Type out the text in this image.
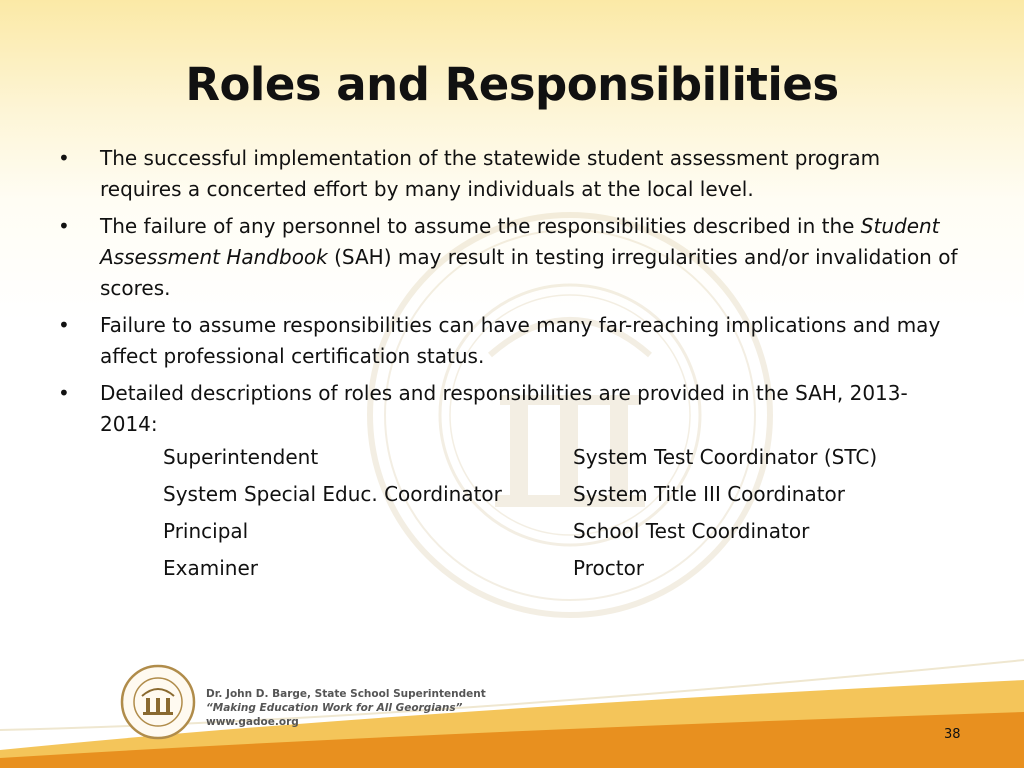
Roles and Responsibilities
• The successful implementation of the statewide student assessment program requires a concerted effort by many individuals at the local level.
• The failure of any personnel to assume the responsibilities described in the Student Assessment Handbook (SAH) may result in testing irregularities and/or invalidation of scores.
• Failure to assume responsibilities can have many far-reaching implications and may affect professional certification status.
• Detailed descriptions of roles and responsibilities are provided in the SAH, 2013-2014:
Superintendent	System Test Coordinator (STC)
System Special Educ. Coordinator	System Title III Coordinator
Principal	School Test Coordinator
Examiner	Proctor
Dr. John D. Barge, State School Superintendent
“Making Education Work for All Georgians”
www.gadoe.org
38
